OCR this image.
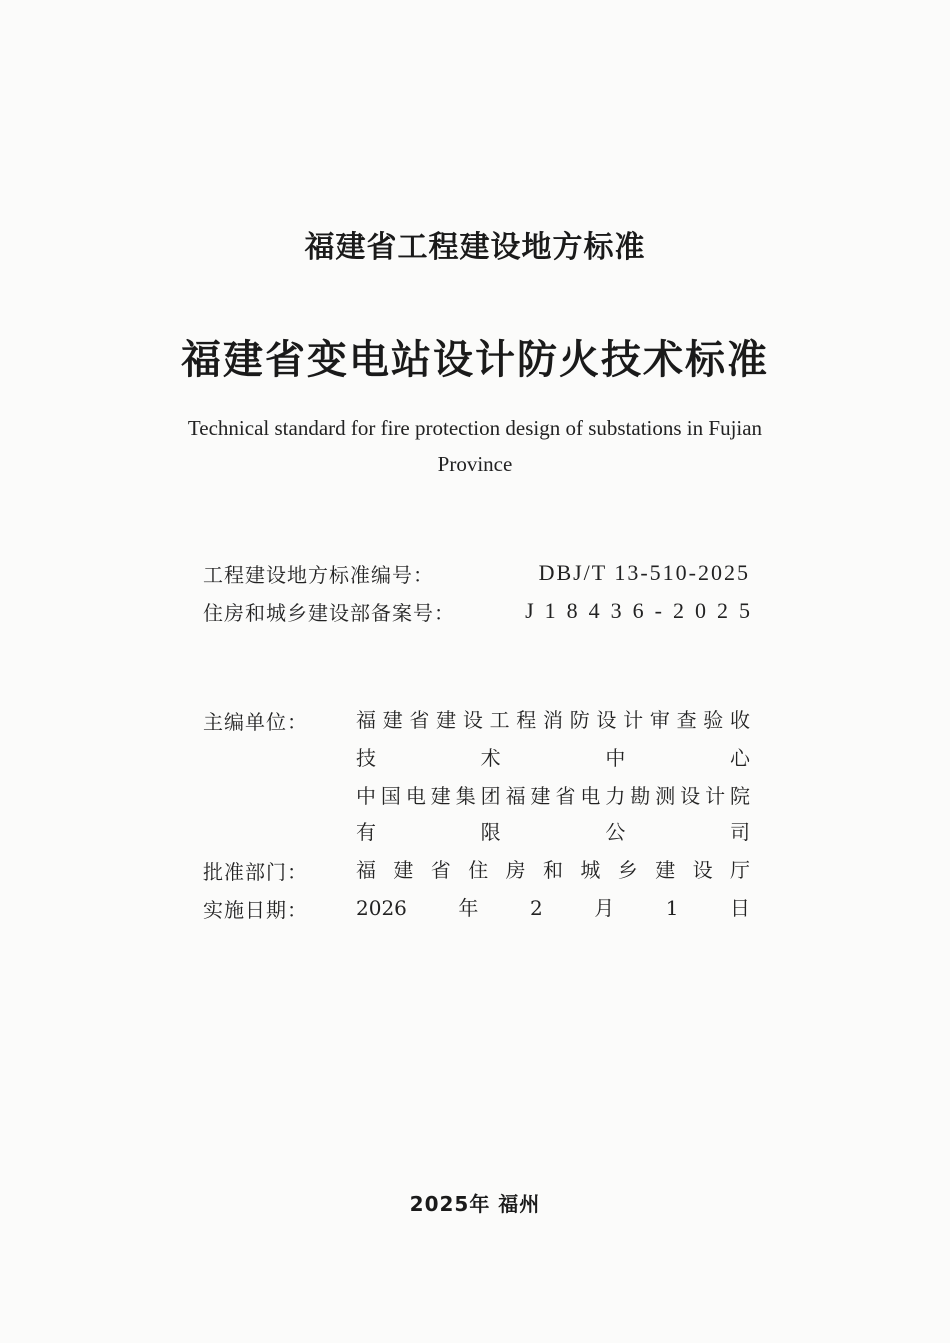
福建省工程建设地方标准
福建省变电站设计防火技术标准
Technical standard for fire protection design of substations in Fujian
Province
工程建设地方标准编号：	DBJ/T 13-510-2025
住房和城乡建设部备案号：	J18436-2025
主编单位：	福建省建设工程消防设计审查验收
技术中心
中国电建集团福建省电力勘测设计院
有限公司
批准部门：	福建省住房和城乡建设厅
实施日期：	2026年2月1日
2025年 福州
